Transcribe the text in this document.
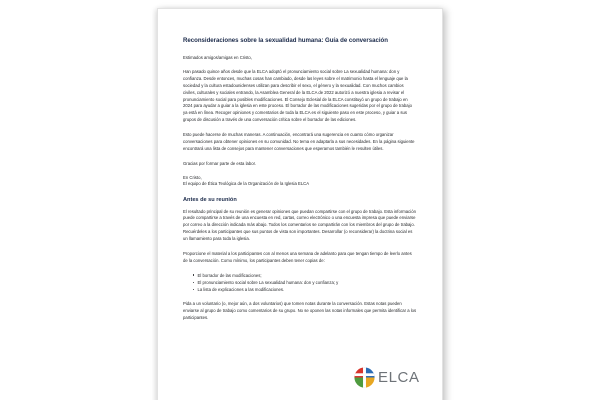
Reconsideraciones sobre la sexualidad humana: Guía de conversación

Estimados amigos/amigas en Cristo,

Han pasado quince años desde que la ELCA adoptó el pronunciamiento social sobre La sexualidad humana: don y confianza. Desde entonces, muchas cosas han cambiado, desde las leyes sobre el matrimonio hasta el lenguaje que la sociedad y la cultura estadounidenses utilizan para describir el sexo, el género y la sexualidad. Con muchos cambios civiles, culturales y sociales entrando, la Asamblea General de la ELCA de 2022 autorizó a nuestra iglesia a revisar el pronunciamiento social para posibles modificaciones. El Consejo Eclesial de la ELCA constituyó un grupo de trabajo en 2024 para ayudar a guiar a la iglesia en este proceso. El borrador de las modificaciones sugeridas por el grupo de trabajo ya está en línea. Recoger opiniones y comentarios de toda la ELCA es el siguiente paso en este proceso, y guiar a sus grupos de discusión a través de una conversación crítica sobre el borrador de las ediciones.

Esto puede hacerse de muchas maneras. A continuación, encontrará una sugerencia en cuanto cómo organizar conversaciones para obtener opiniones en su comunidad. No tema en adaptarla a sus necesidades. En la página siguiente encontrará una lista de consejos para mantener conversaciones que esperamos también le resulten útiles.

Gracias por formar parte de esta labor.

En Cristo,
El equipo de Ética Teológica de la Organización de la Iglesia ELCA
Antes de su reunión

El resultado principal de su reunión es generar opiniones que puedan compartirse con el grupo de trabajo. Esta información puede compartirse a través de una encuesta en red, cartas, correo electrónico o una encuesta impresa que puede enviarse por correo a la dirección indicada más abajo. Todos los comentarios se compartirán con los miembros del grupo de trabajo. Recuérdeles a los participantes que sus puntos de vista son importantes. Desarrollar (o reconsiderar) la doctrina social es un llamamiento para toda la iglesia.

Proporcione el material a los participantes con al menos una semana de adelanto para que tengan tiempo de leerlo antes de la conversación. Como mínimo, los participantes deben tener copias de:

El borrador de las modificaciones;
El pronunciamiento social sobre La sexualidad humana: don y confianza; y
La lista de explicaciones a las modificaciones.

Pida a un voluntario (o, mejor aún, a dos voluntarios) que tomen notas durante la conversación. Estas notas pueden enviarse al grupo de trabajo como comentarios de su grupo. No se oponen las notas informales que permita identificar a los participantes.

ELCA
